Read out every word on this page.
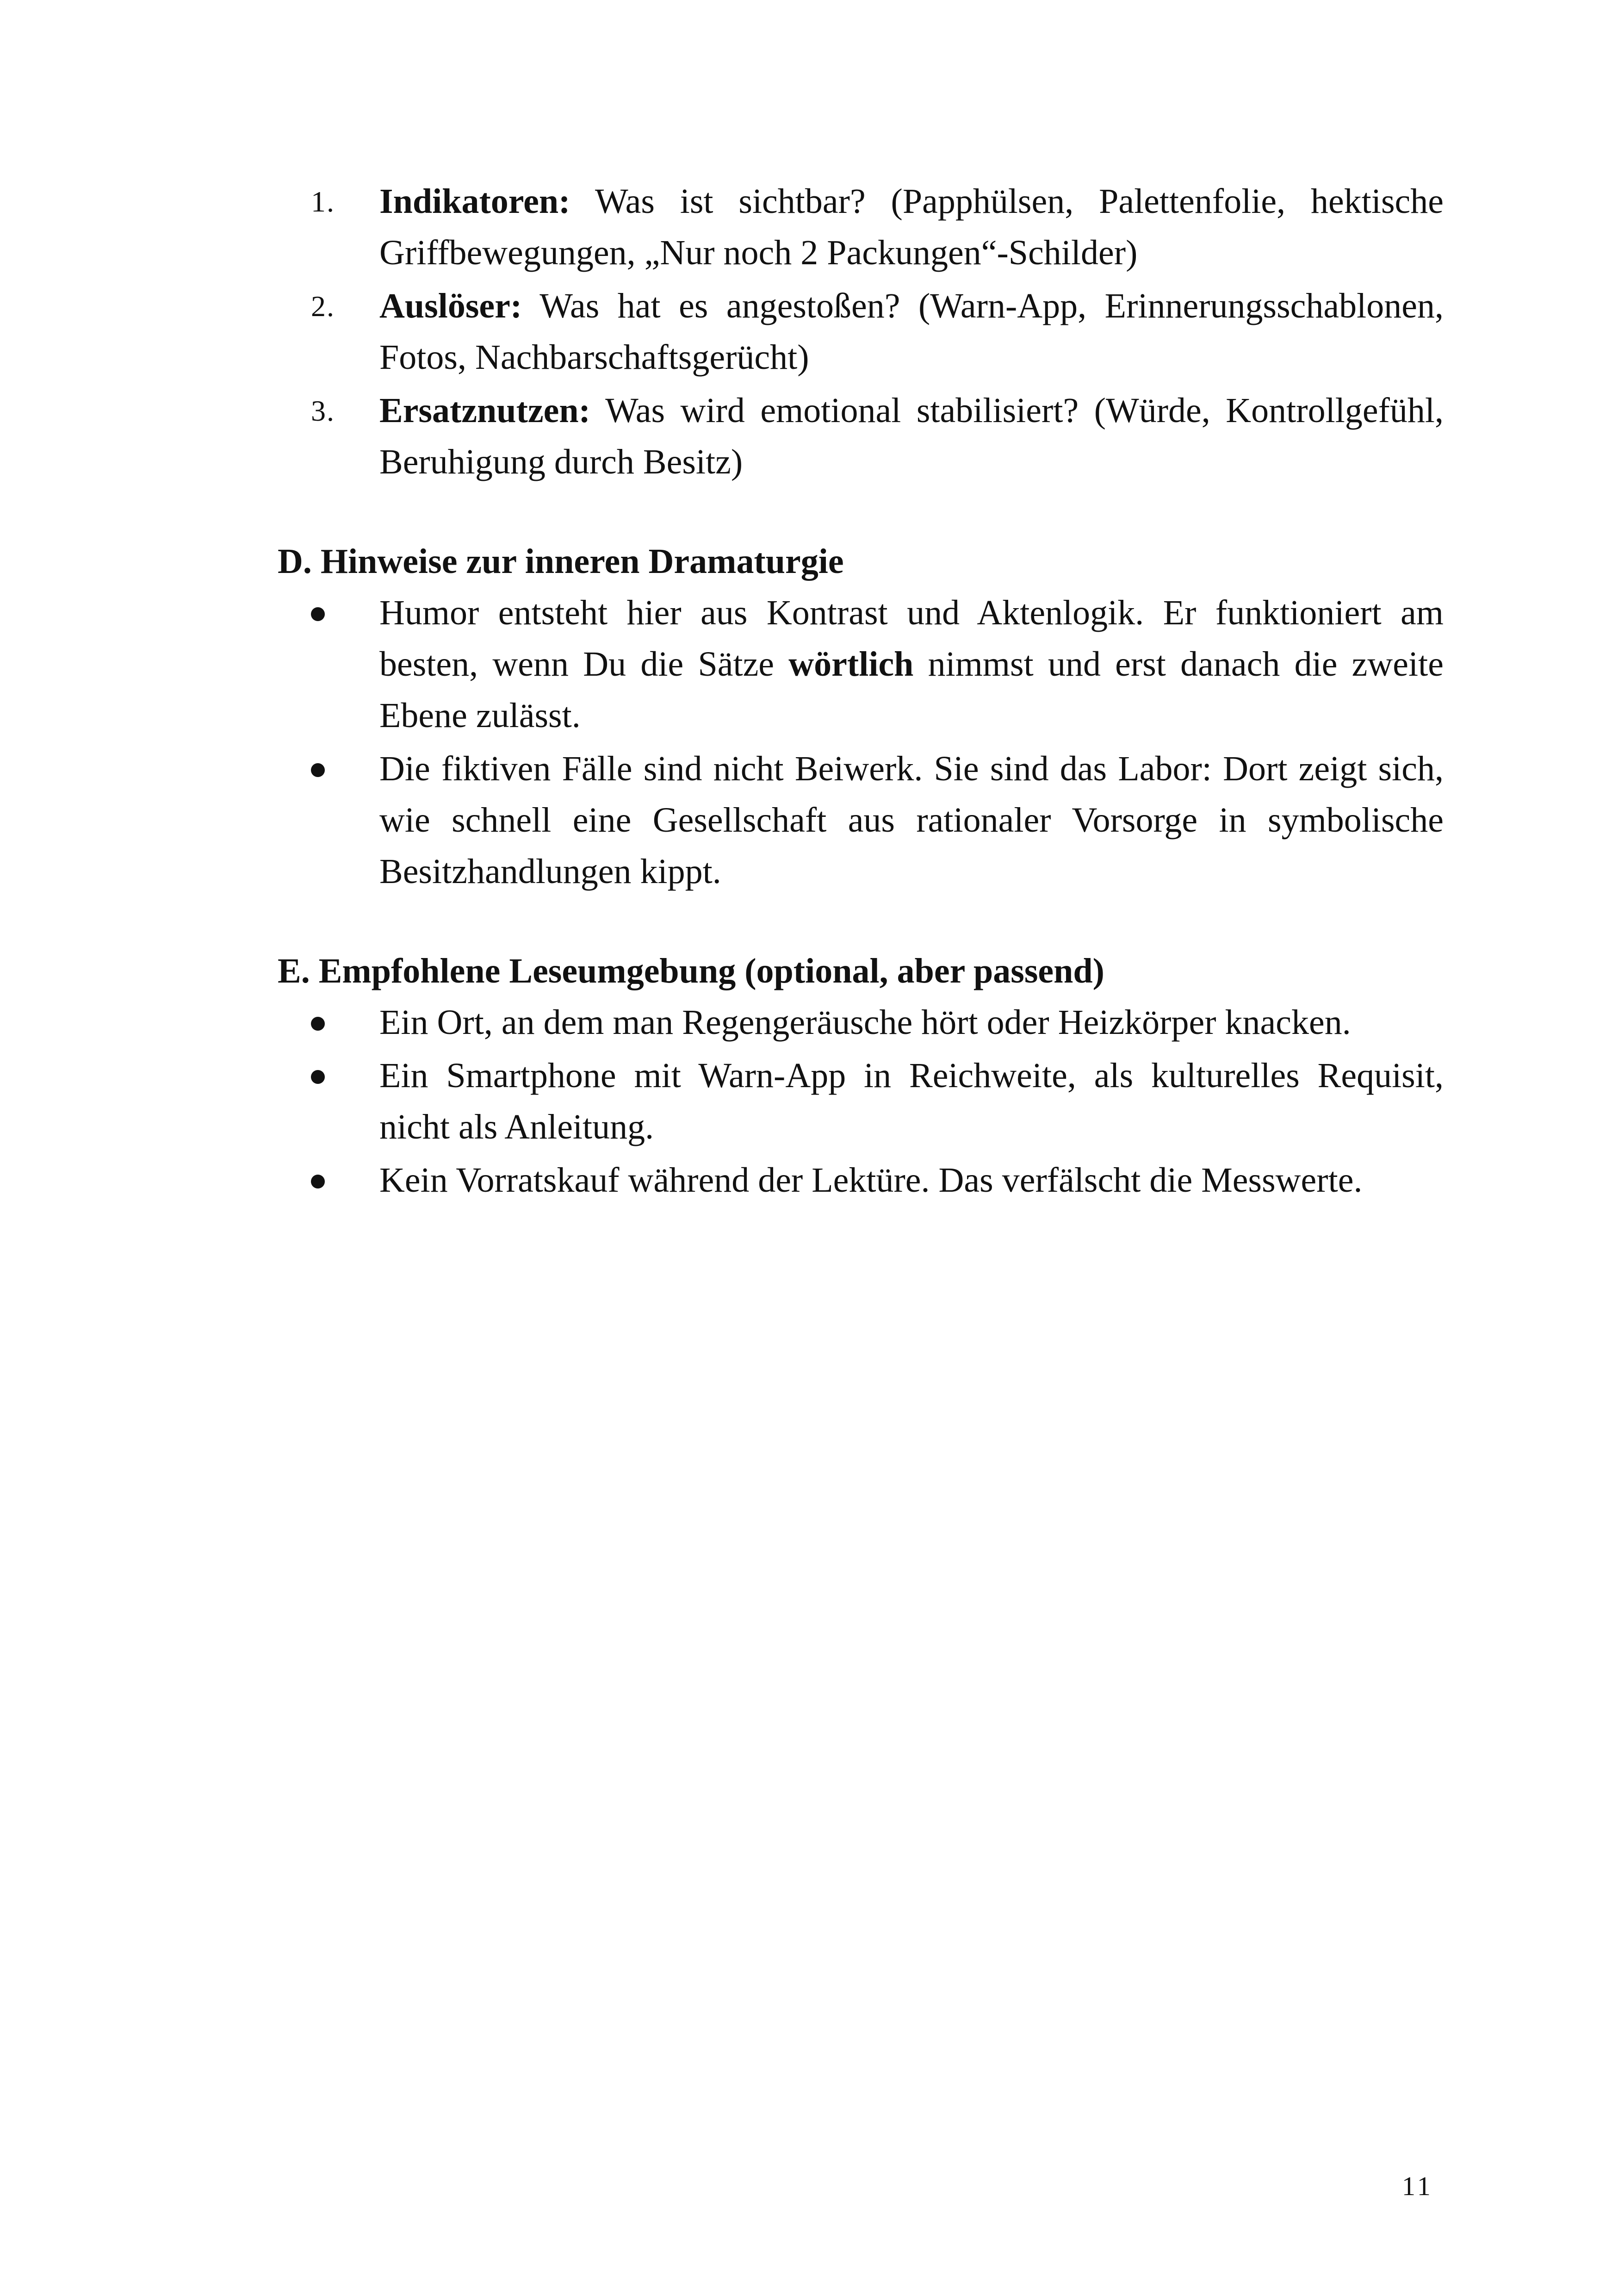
1.	Indikatoren: Was ist sichtbar? (Papphülsen, Palettenfolie, hektische Griffbewegungen, „Nur noch 2 Packungen“-Schilder)
2.	Auslöser: Was hat es angestoßen? (Warn-App, Erinnerungsschablonen, Fotos, Nachbarschaftsgerücht)
3.	Ersatznutzen: Was wird emotional stabilisiert? (Würde, Kontrollgefühl, Beruhigung durch Besitz)
D. Hinweise zur inneren Dramaturgie
Humor entsteht hier aus Kontrast und Aktenlogik. Er funktioniert am besten, wenn Du die Sätze wörtlich nimmst und erst danach die zweite Ebene zulässt.
Die fiktiven Fälle sind nicht Beiwerk. Sie sind das Labor: Dort zeigt sich, wie schnell eine Gesellschaft aus rationaler Vorsorge in symbolische Besitzhandlungen kippt.
E. Empfohlene Leseumgebung (optional, aber passend)
Ein Ort, an dem man Regengeräusche hört oder Heizkörper knacken.
Ein Smartphone mit Warn-App in Reichweite, als kulturelles Requisit, nicht als Anleitung.
Kein Vorratskauf während der Lektüre. Das verfälscht die Messwerte.
11
